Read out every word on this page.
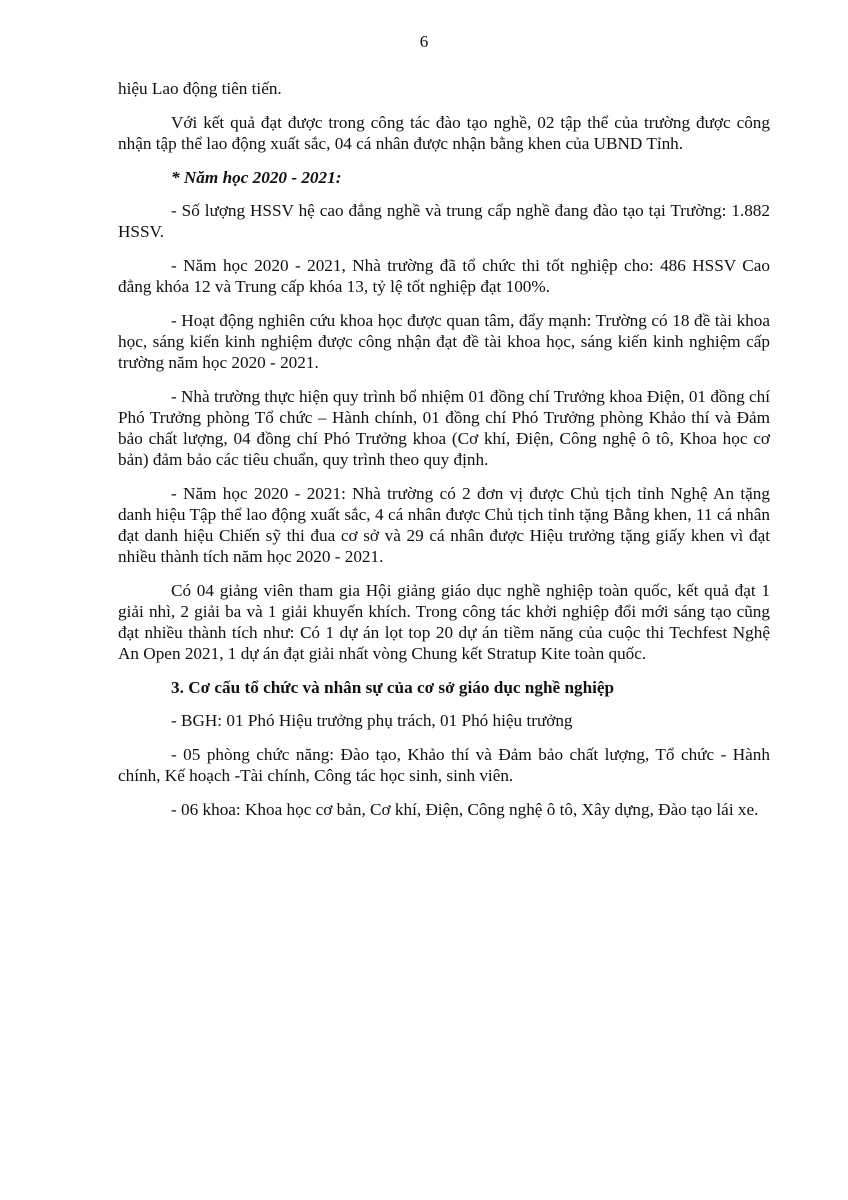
6

hiệu Lao động tiên tiến.

Với kết quả đạt được trong công tác đào tạo nghề, 02 tập thể của trường được công nhận tập thể lao động xuất sắc, 04 cá nhân được nhận bằng khen của UBND Tỉnh.

* Năm học 2020 - 2021:

- Số lượng HSSV hệ cao đẳng nghề và trung cấp nghề đang đào tạo tại Trường: 1.882 HSSV.

- Năm học 2020 - 2021, Nhà trường đã tổ chức thi tốt nghiệp cho: 486 HSSV Cao đẳng khóa 12 và Trung cấp khóa 13, tỷ lệ tốt nghiệp đạt 100%.

- Hoạt động nghiên cứu khoa học được quan tâm, đẩy mạnh: Trường có 18 đề tài khoa học, sáng kiến kinh nghiệm được công nhận đạt đề tài khoa học, sáng kiến kinh nghiệm cấp trường năm học 2020 - 2021.

- Nhà trường thực hiện quy trình bổ nhiệm 01 đồng chí Trưởng khoa Điện, 01 đồng chí Phó Trưởng phòng Tổ chức – Hành chính, 01 đồng chí Phó Trưởng phòng Khảo thí và Đảm bảo chất lượng, 04 đồng chí Phó Trưởng khoa (Cơ khí, Điện, Công nghệ ô tô, Khoa học cơ bản) đảm bảo các tiêu chuẩn, quy trình theo quy định.

- Năm học 2020 - 2021: Nhà trường có 2 đơn vị được Chủ tịch tỉnh Nghệ An tặng danh hiệu Tập thể lao động xuất sắc, 4 cá nhân được Chủ tịch tỉnh tặng Bằng khen, 11 cá nhân đạt danh hiệu Chiến sỹ thi đua cơ sở và 29 cá nhân được Hiệu trưởng tặng giấy khen vì đạt nhiều thành tích năm học 2020 - 2021.

Có 04 giảng viên tham gia Hội giảng giáo dục nghề nghiệp toàn quốc, kết quả đạt 1 giải nhì, 2 giải ba và 1 giải khuyến khích. Trong công tác khởi nghiệp đổi mới sáng tạo cũng đạt nhiều thành tích như: Có 1 dự án lọt top 20 dự án tiềm năng của cuộc thi Techfest Nghệ An Open 2021, 1 dự án đạt giải nhất vòng Chung kết Stratup Kite toàn quốc.

3. Cơ cấu tổ chức và nhân sự của cơ sở giáo dục nghề nghiệp

- BGH: 01 Phó Hiệu trưởng phụ trách, 01 Phó hiệu trưởng

- 05 phòng chức năng: Đào tạo, Khảo thí và Đảm bảo chất lượng, Tổ chức - Hành chính, Kế hoạch -Tài chính, Công tác học sinh, sinh viên.

- 06 khoa: Khoa học cơ bản, Cơ khí, Điện, Công nghệ ô tô, Xây dựng, Đào tạo lái xe.
